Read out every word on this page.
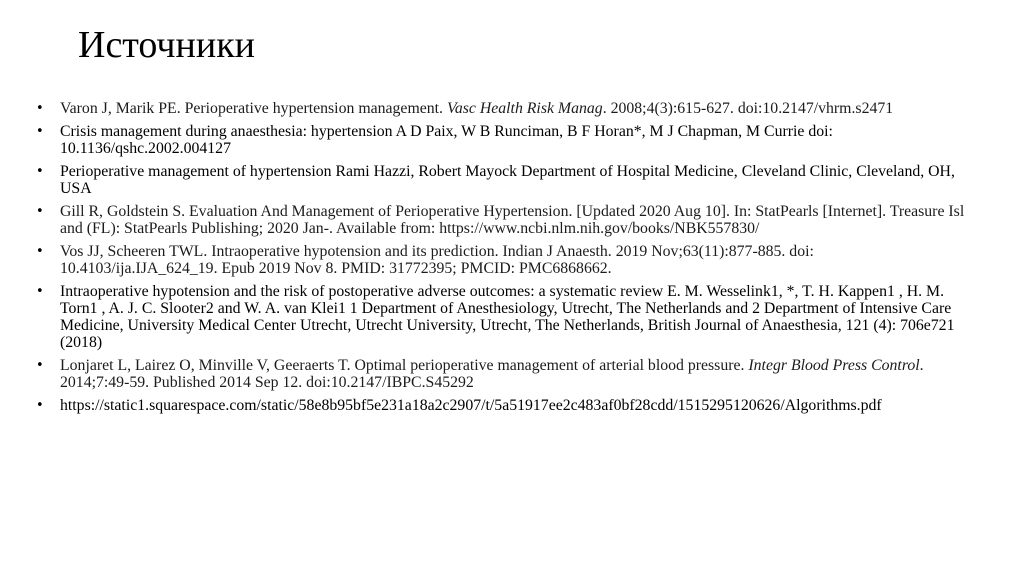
Источники
•	Varon J, Marik PE. Perioperative hypertension management. Vasc Health Risk Manag. 2008;4(3):615-627. doi:10.2147/vhrm.s2471
•	Crisis management during anaesthesia: hypertension A D Paix, W B Runciman, B F Horan*, M J Chapman, M Currie doi: 10.1136/qshc.2002.004127
•	Perioperative management of hypertension Rami Hazzi, Robert Mayock Department of Hospital Medicine, Cleveland Clinic, Cleveland, OH, USA
•	Gill R, Goldstein S. Evaluation And Management of Perioperative Hypertension. [Updated 2020 Aug 10]. In: StatPearls [Internet]. Treasure Island (FL): StatPearls Publishing; 2020 Jan-. Available from: https://www.ncbi.nlm.nih.gov/books/NBK557830/
•	Vos JJ, Scheeren TWL. Intraoperative hypotension and its prediction. Indian J Anaesth. 2019 Nov;63(11):877-885. doi: 10.4103/ija.IJA_624_19. Epub 2019 Nov 8. PMID: 31772395; PMCID: PMC6868662.
•	Intraoperative hypotension and the risk of postoperative adverse outcomes: a systematic review E. M. Wesselink1, *, T. H. Kappen1 , H. M. Torn1 , A. J. C. Slooter2 and W. A. van Klei1 1 Department of Anesthesiology, Utrecht, The Netherlands and 2 Department of Intensive Care Medicine, University Medical Center Utrecht, Utrecht University, Utrecht, The Netherlands, British Journal of Anaesthesia, 121 (4): 706e721 (2018)
•	Lonjaret L, Lairez O, Minville V, Geeraerts T. Optimal perioperative management of arterial blood pressure. Integr Blood Press Control. 2014;7:49-59. Published 2014 Sep 12. doi:10.2147/IBPC.S45292
•	https://static1.squarespace.com/static/58e8b95bf5e231a18a2c2907/t/5a51917ee2c483af0bf28cdd/1515295120626/Algorithms.pdf
